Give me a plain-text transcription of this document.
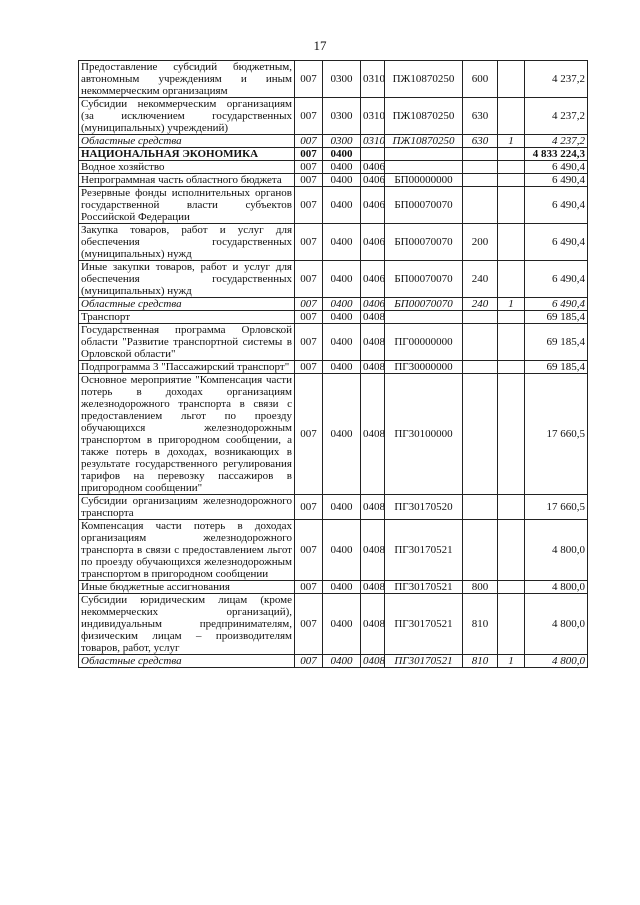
17
Предоставление субсидий бюджетным, автономным учреждениям и иным некоммерческим организациям	007	0300	0310	ПЖ10870250	600		4 237,2
Субсидии некоммерческим организациям (за исключением государственных (муниципальных) учреждений)	007	0300	0310	ПЖ10870250	630		4 237,2
Областные средства	007	0300	0310	ПЖ10870250	630	1	4 237,2
НАЦИОНАЛЬНАЯ ЭКОНОМИКА	007	0400					4 833 224,3
Водное хозяйство	007	0400	0406				6 490,4
Непрограммная часть областного бюджета	007	0400	0406	БП00000000			6 490,4
Резервные фонды исполнительных органов государственной власти субъектов Российской Федерации	007	0400	0406	БП00070070			6 490,4
Закупка товаров, работ и услуг для обеспечения государственных (муниципальных) нужд	007	0400	0406	БП00070070	200		6 490,4
Иные закупки товаров, работ и услуг для обеспечения государственных (муниципальных) нужд	007	0400	0406	БП00070070	240		6 490,4
Областные средства	007	0400	0406	БП00070070	240	1	6 490,4
Транспорт	007	0400	0408				69 185,4
Государственная программа Орловской области "Развитие транспортной системы в Орловской области"	007	0400	0408	ПГ00000000			69 185,4
Подпрограмма 3 "Пассажирский транспорт"	007	0400	0408	ПГ30000000			69 185,4
Основное мероприятие "Компенсация части потерь в доходах организациям железнодорожного транспорта в связи с предоставлением льгот по проезду обучающихся железнодорожным транспортом в пригородном сообщении, а также потерь в доходах, возникающих в результате государственного регулирования тарифов на перевозку пассажиров в пригородном сообщении"	007	0400	0408	ПГ30100000			17 660,5
Субсидии организациям железнодорожного транспорта	007	0400	0408	ПГ30170520			17 660,5
Компенсация части потерь в доходах организациям железнодорожного транспорта в связи с предоставлением льгот по проезду обучающихся железнодорожным транспортом в пригородном сообщении	007	0400	0408	ПГ30170521			4 800,0
Иные бюджетные ассигнования	007	0400	0408	ПГ30170521	800		4 800,0
Субсидии юридическим лицам (кроме некоммерческих организаций), индивидуальным предпринимателям, физическим лицам – производителям товаров, работ, услуг	007	0400	0408	ПГ30170521	810		4 800,0
Областные средства	007	0400	0408	ПГ30170521	810	1	4 800,0
